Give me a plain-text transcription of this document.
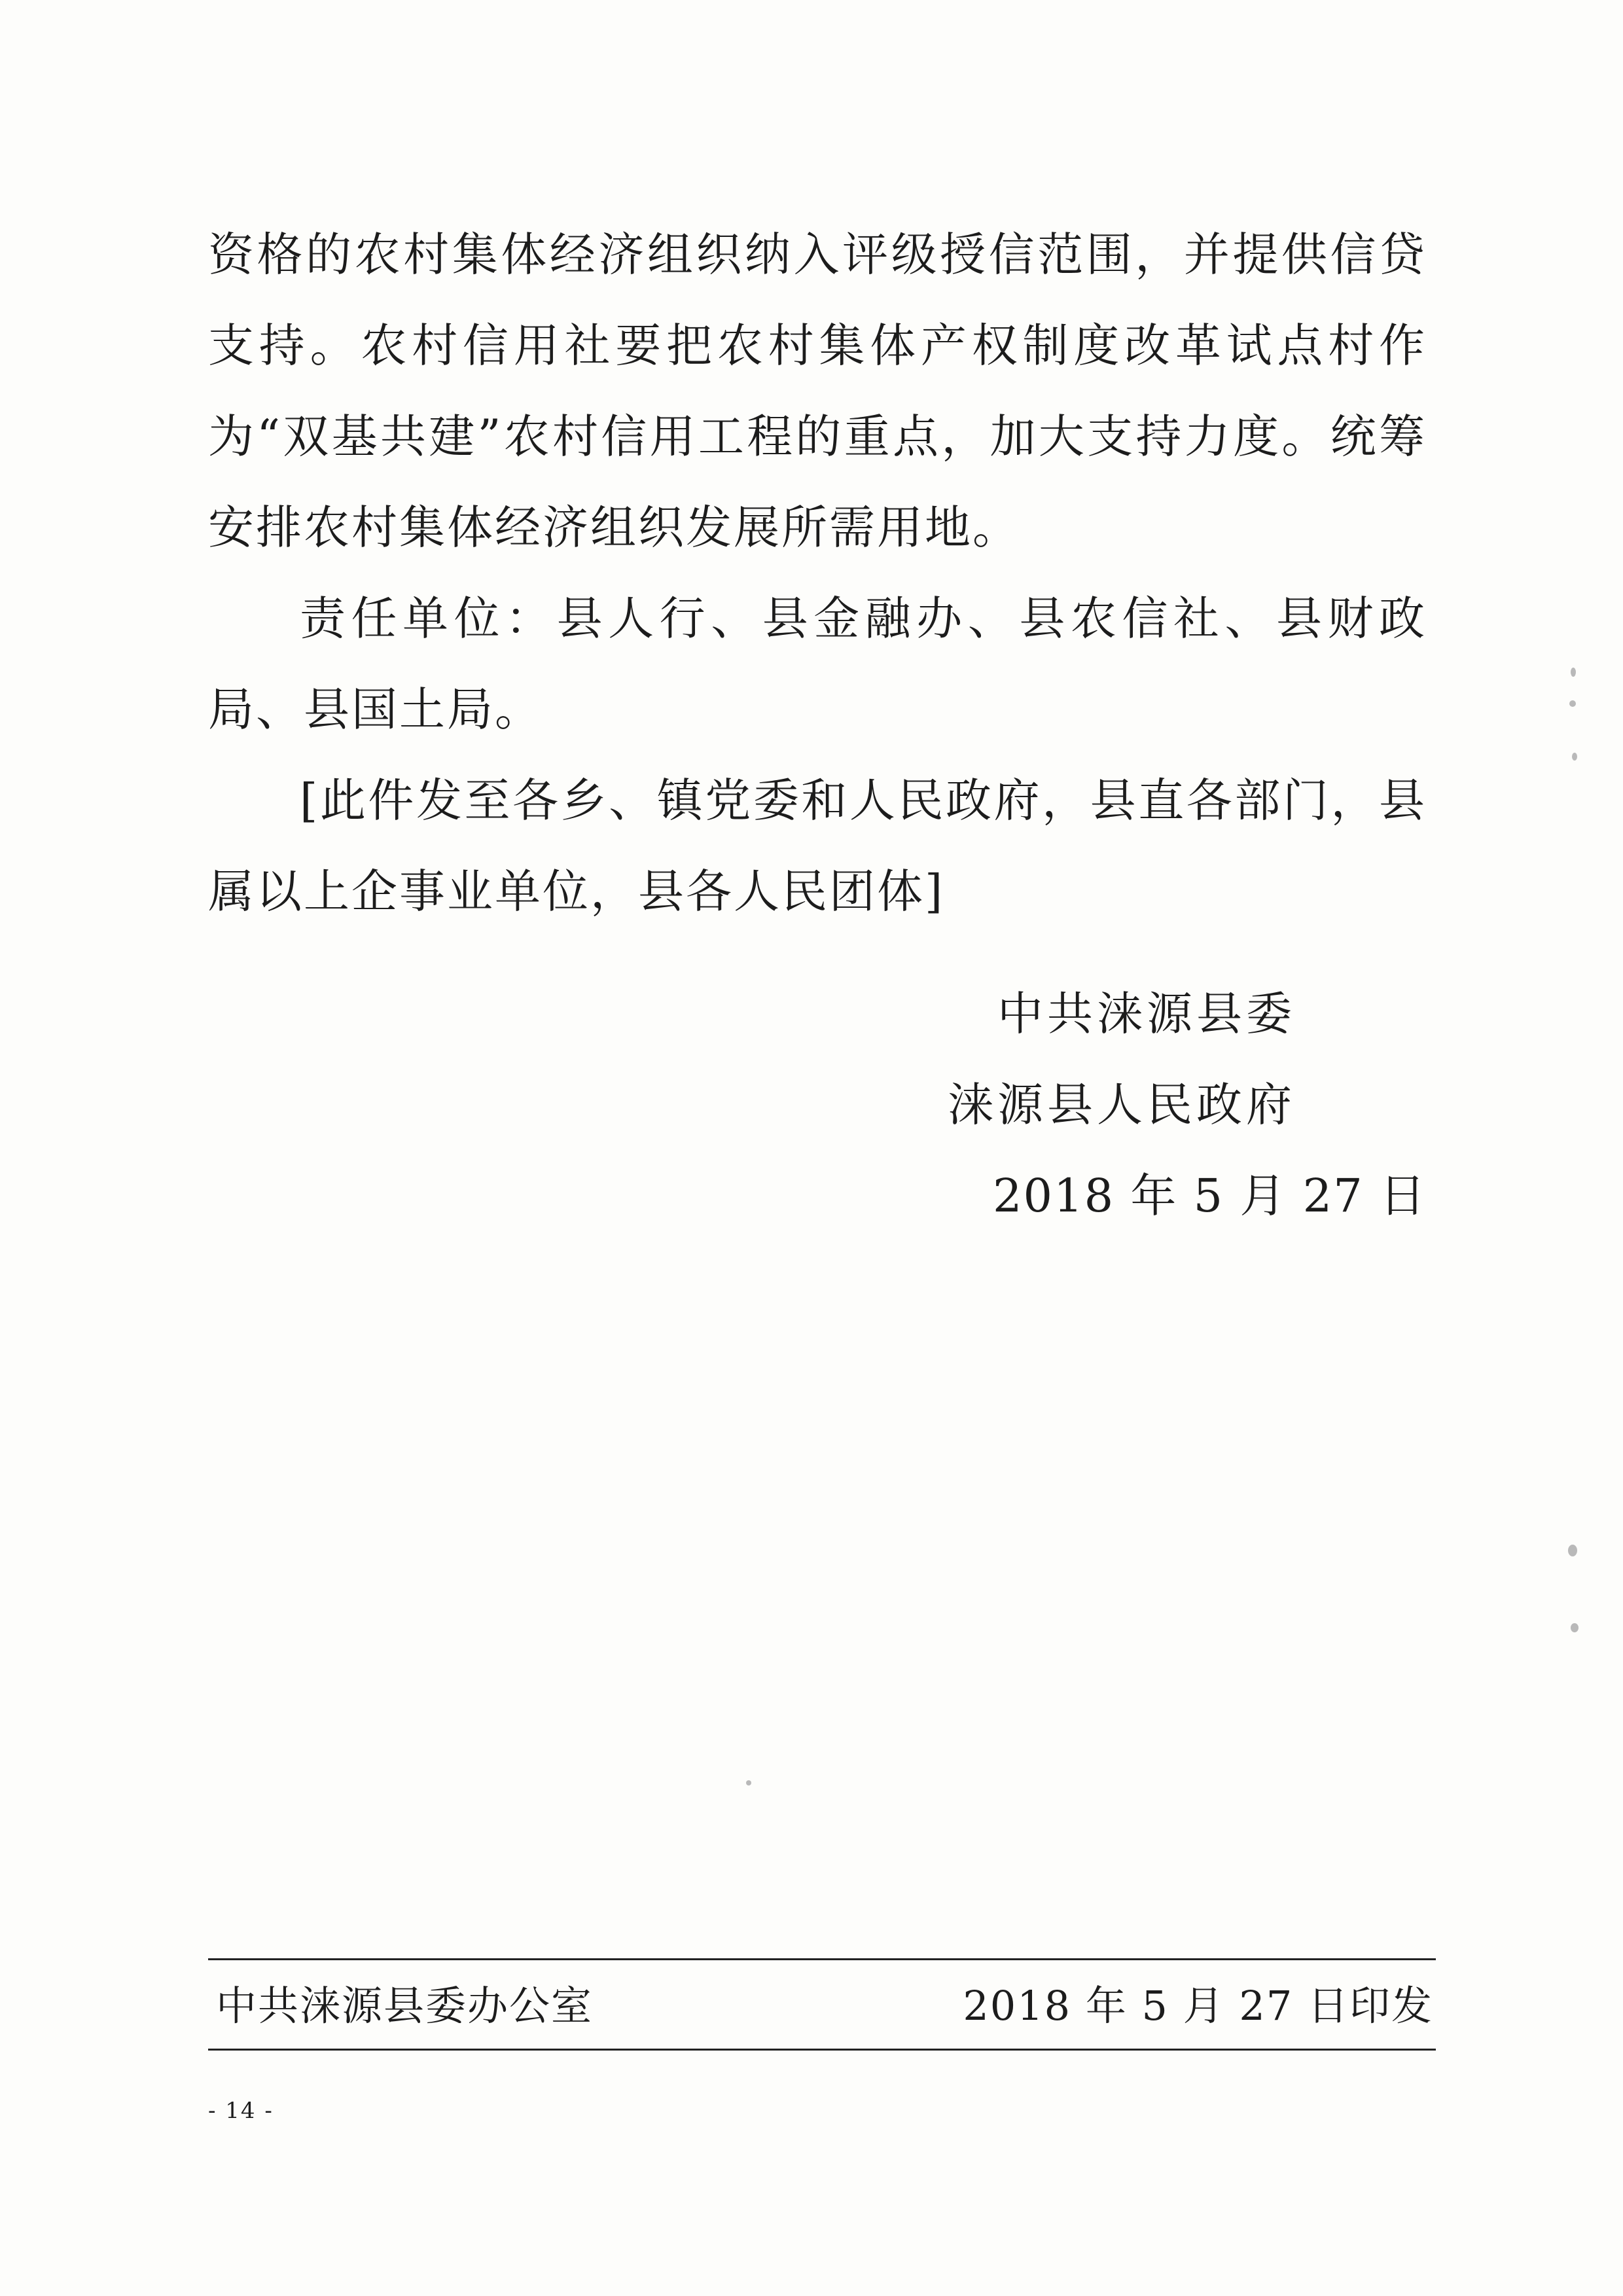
资格的农村集体经济组织纳入评级授信范围，并提供信贷支持。农村信用社要把农村集体产权制度改革试点村作为“双基共建”农村信用工程的重点，加大支持力度。统筹安排农村集体经济组织发展所需用地。

责任单位：县人行、县金融办、县农信社、县财政局、县国土局。

[此件发至各乡、镇党委和人民政府，县直各部门，县属以上企事业单位，县各人民团体]

中共涞源县委
涞源县人民政府
2018 年 5 月 27 日
中共涞源县委办公室	2018 年 5 月 27 日印发
- 14 -
